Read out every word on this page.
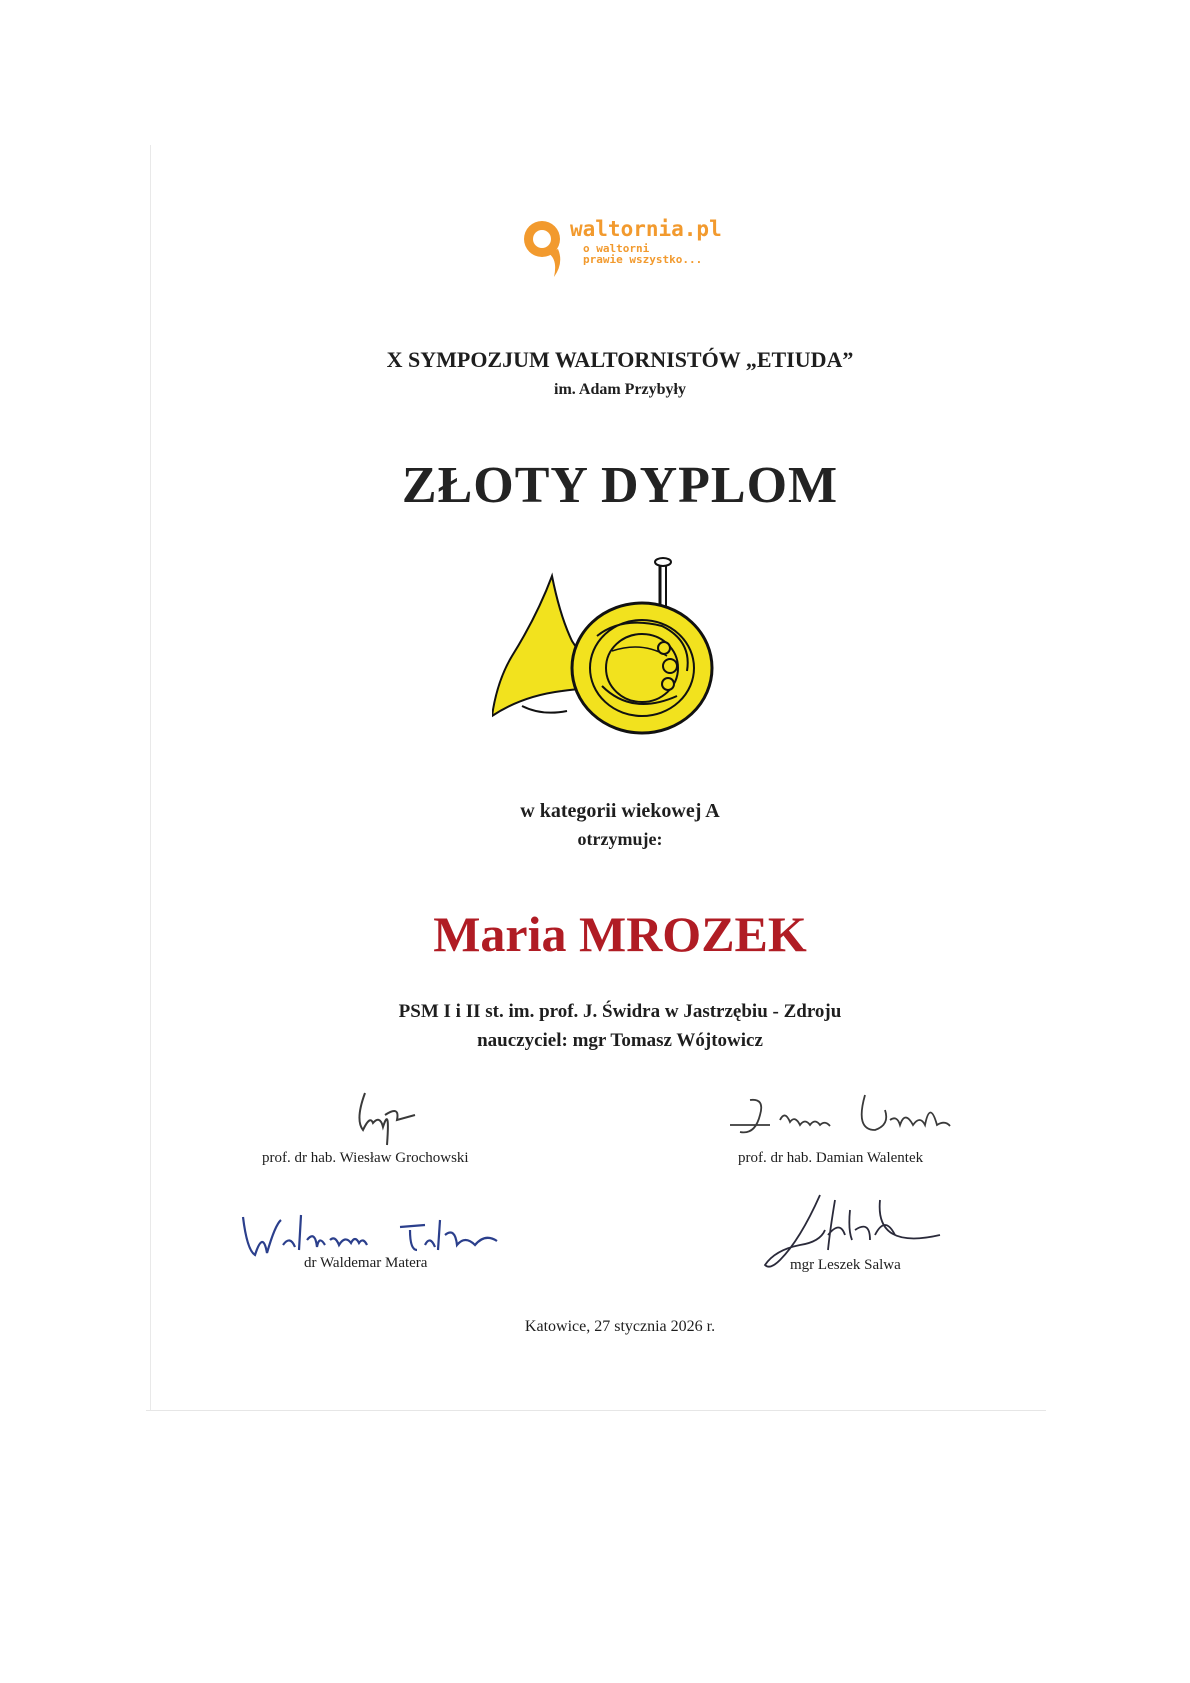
waltornia.pl
o waltorni
prawie wszystko...
X SYMPOZJUM WALTORNISTÓW „ETIUDA”
im. Adam Przybyły
ZŁOTY DYPLOM
w kategorii wiekowej A
otrzymuje:
Maria MROZEK
PSM I i II st. im. prof. J. Świdra w Jastrzębiu - Zdroju
nauczyciel: mgr Tomasz Wójtowicz
prof. dr hab. Wiesław Grochowski	prof. dr hab. Damian Walentek
dr Waldemar Matera	mgr Leszek Salwa
Katowice, 27 stycznia 2026 r.
